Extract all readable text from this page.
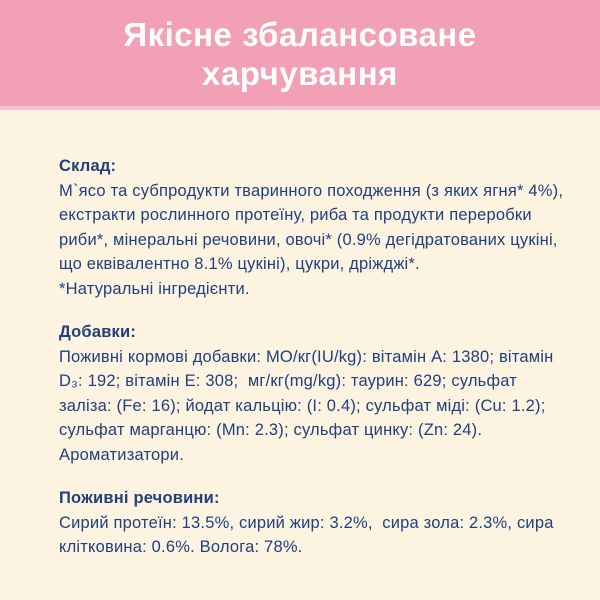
Якісне збалансоване
харчування
Склад:
М`ясо та субпродукти тваринного походження (з яких ягня* 4%),
екстракти рослинного протеїну, риба та продукти переробки
риби*, мінеральні речовини, овочі* (0.9% дегідратованих цукіні,
що еквівалентно 8.1% цукіні), цукри, дріжджі*.
*Натуральні інгредієнти.
Добавки:
Поживні кормові добавки: МО/кг(IU/kg): вітамін А: 1380; вітамін
D₃: 192; вітамін Е: 308;  мг/кг(mg/kg): таурин: 629; сульфат
заліза: (Fe: 16); йодат кальцію: (I: 0.4); сульфат міді: (Cu: 1.2);
сульфат марганцю: (Mn: 2.3); сульфат цинку: (Zn: 24).
Ароматизатори.
Поживні речовини:
Сирий протеїн: 13.5%, сирий жир: 3.2%,  сира зола: 2.3%, сира
клітковина: 0.6%. Волога: 78%.
